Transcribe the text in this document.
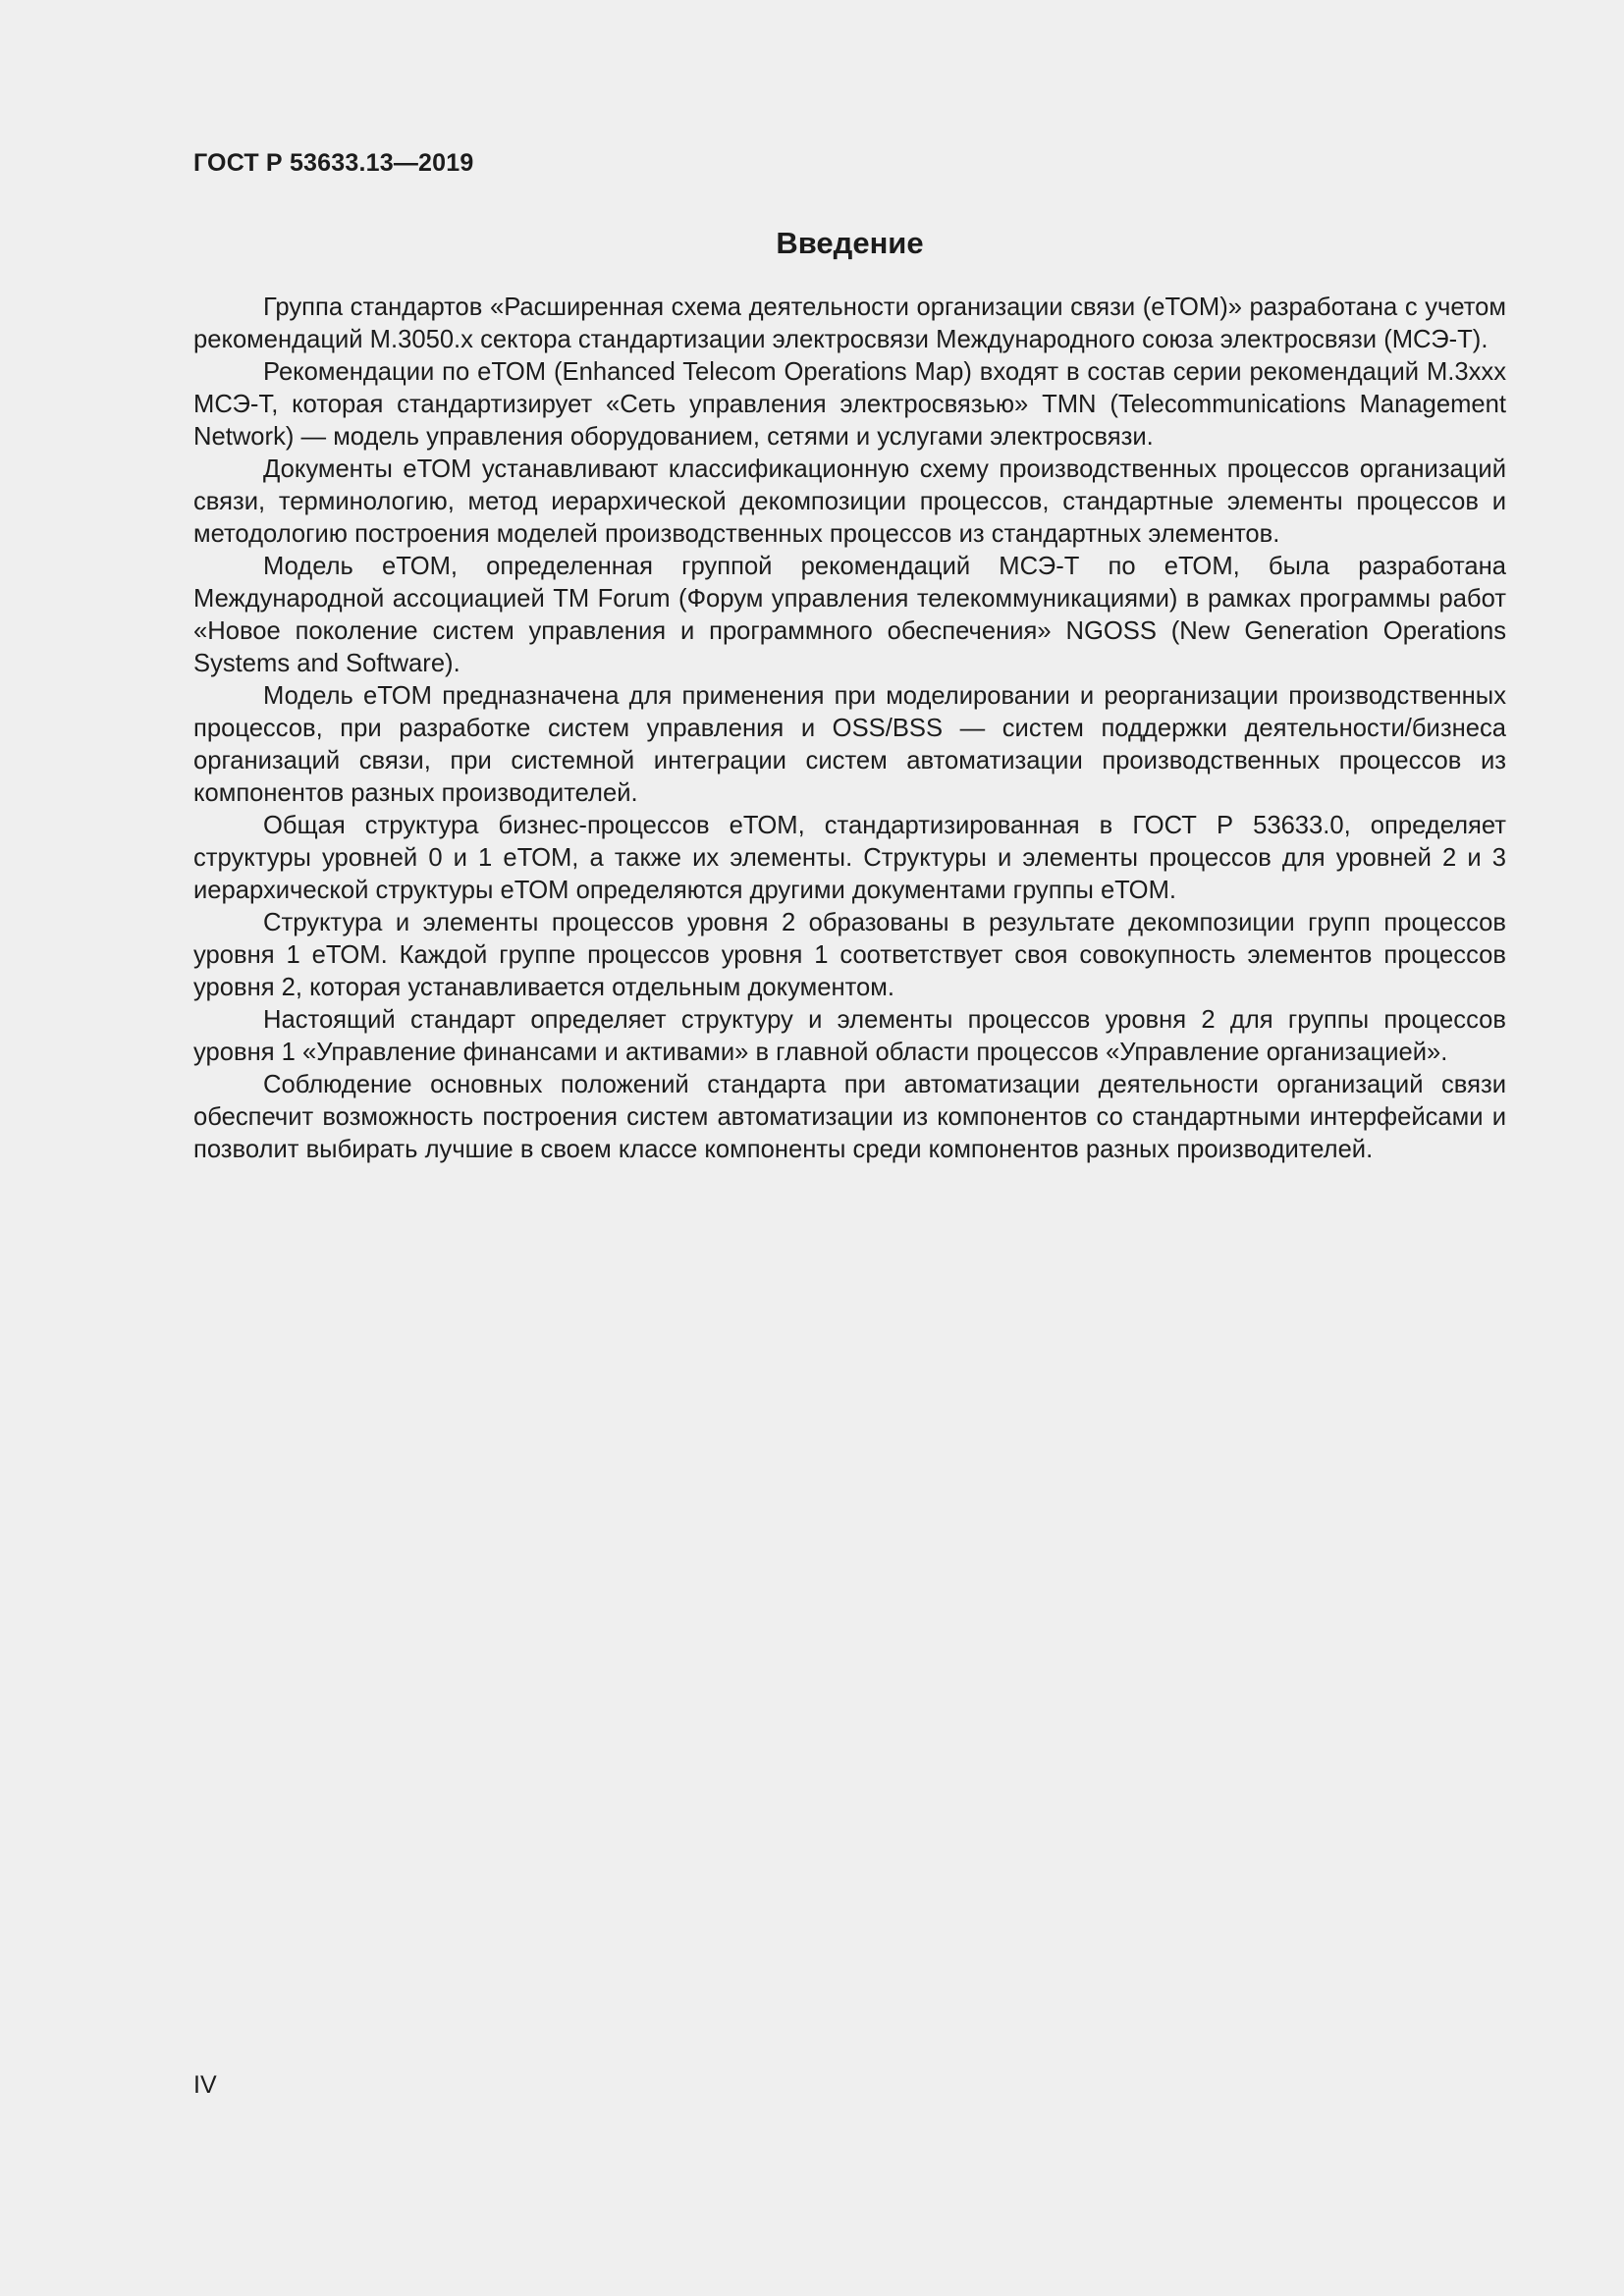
ГОСТ Р 53633.13—2019
Введение

Группа стандартов «Расширенная схема деятельности организации связи (еТОМ)» разработана с учетом рекомендаций М.3050.х сектора стандартизации электросвязи Международного союза электросвязи (МСЭ-Т).

Рекомендации по еТОМ (Enhanced Telecom Operations Map) входят в состав серии рекомендаций М.3ххх МСЭ-Т, которая стандартизирует «Сеть управления электросвязью» TMN (Telecommunications Management Network) — модель управления оборудованием, сетями и услугами электросвязи.

Документы еТОМ устанавливают классификационную схему производственных процессов организаций связи, терминологию, метод иерархической декомпозиции процессов, стандартные элементы процессов и методологию построения моделей производственных процессов из стандартных элементов.

Модель еТОМ, определенная группой рекомендаций МСЭ-Т по еТОМ, была разработана Международной ассоциацией ТМ Forum (Форум управления телекоммуникациями) в рамках программы работ «Новое поколение систем управления и программного обеспечения» NGOSS (New Generation Operations Systems and Software).

Модель еТОМ предназначена для применения при моделировании и реорганизации производственных процессов, при разработке систем управления и OSS/BSS — систем поддержки деятельности/бизнеса организаций связи, при системной интеграции систем автоматизации производственных процессов из компонентов разных производителей.

Общая структура бизнес-процессов еТОМ, стандартизированная в ГОСТ Р 53633.0, определяет структуры уровней 0 и 1 еТОМ, а также их элементы. Структуры и элементы процессов для уровней 2 и 3 иерархической структуры еТОМ определяются другими документами группы еТОМ.

Структура и элементы процессов уровня 2 образованы в результате декомпозиции групп процессов уровня 1 еТОМ. Каждой группе процессов уровня 1 соответствует своя совокупность элементов процессов уровня 2, которая устанавливается отдельным документом.

Настоящий стандарт определяет структуру и элементы процессов уровня 2 для группы процессов уровня 1 «Управление финансами и активами» в главной области процессов «Управление организацией».

Соблюдение основных положений стандарта при автоматизации деятельности организаций связи обеспечит возможность построения систем автоматизации из компонентов со стандартными интерфейсами и позволит выбирать лучшие в своем классе компоненты среди компонентов разных производителей.

IV
